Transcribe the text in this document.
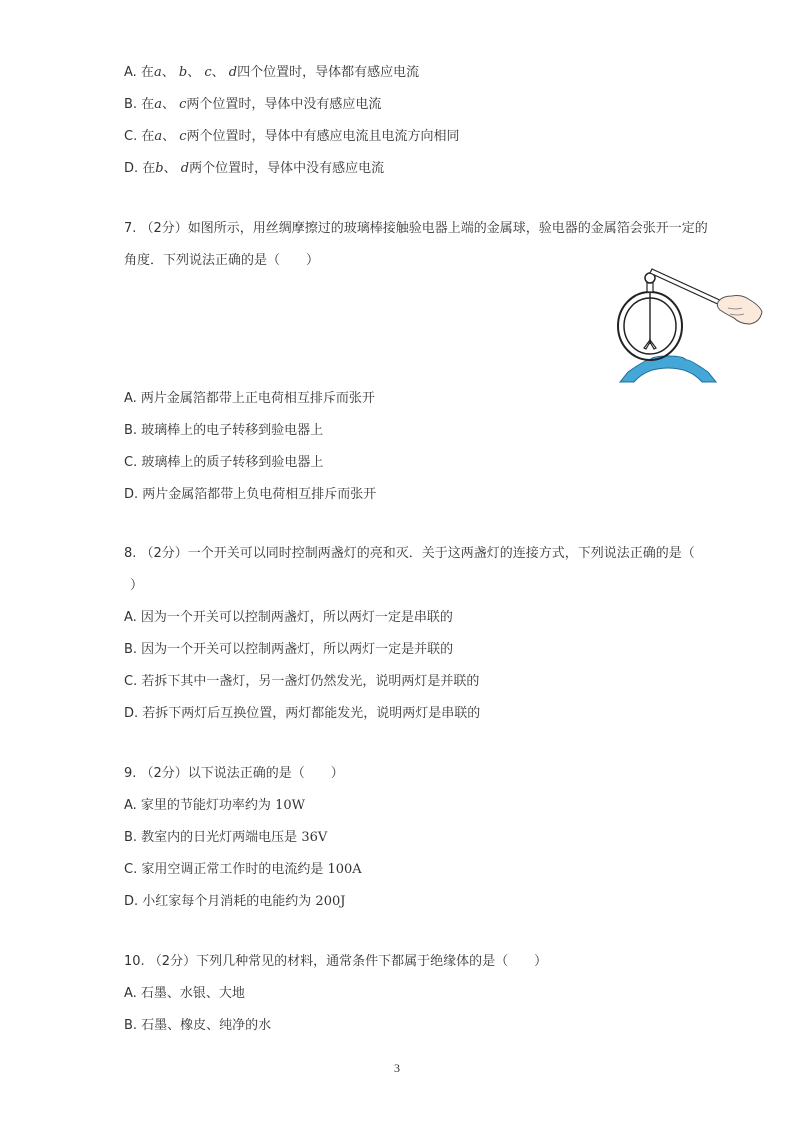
A. 在a、 b、 c、 d四个位置时，导体都有感应电流
B. 在a、 c两个位置时，导体中没有感应电流
C. 在a、 c两个位置时，导体中有感应电流且电流方向相同
D. 在b、 d两个位置时，导体中没有感应电流
7. （2分）如图所示，用丝绸摩擦过的玻璃棒接触验电器上端的金属球，验电器的金属箔会张开一定的
角度．下列说法正确的是（　　）
A. 两片金属箔都带上正电荷相互排斥而张开
B. 玻璃棒上的电子转移到验电器上
C. 玻璃棒上的质子转移到验电器上
D. 两片金属箔都带上负电荷相互排斥而张开
8. （2分）一个开关可以同时控制两盏灯的亮和灭．关于这两盏灯的连接方式，下列说法正确的是（
）
A. 因为一个开关可以控制两盏灯，所以两灯一定是串联的
B. 因为一个开关可以控制两盏灯，所以两灯一定是并联的
C. 若拆下其中一盏灯，另一盏灯仍然发光，说明两灯是并联的
D. 若拆下两灯后互换位置，两灯都能发光，说明两灯是串联的
9. （2分）以下说法正确的是（　　）
A. 家里的节能灯功率约为 10W
B. 教室内的日光灯两端电压是 36V
C. 家用空调正常工作时的电流约是 100A
D. 小红家每个月消耗的电能约为 200J
10. （2分）下列几种常见的材料，通常条件下都属于绝缘体的是（　　）
A. 石墨、水银、大地
B. 石墨、橡皮、纯净的水
3
